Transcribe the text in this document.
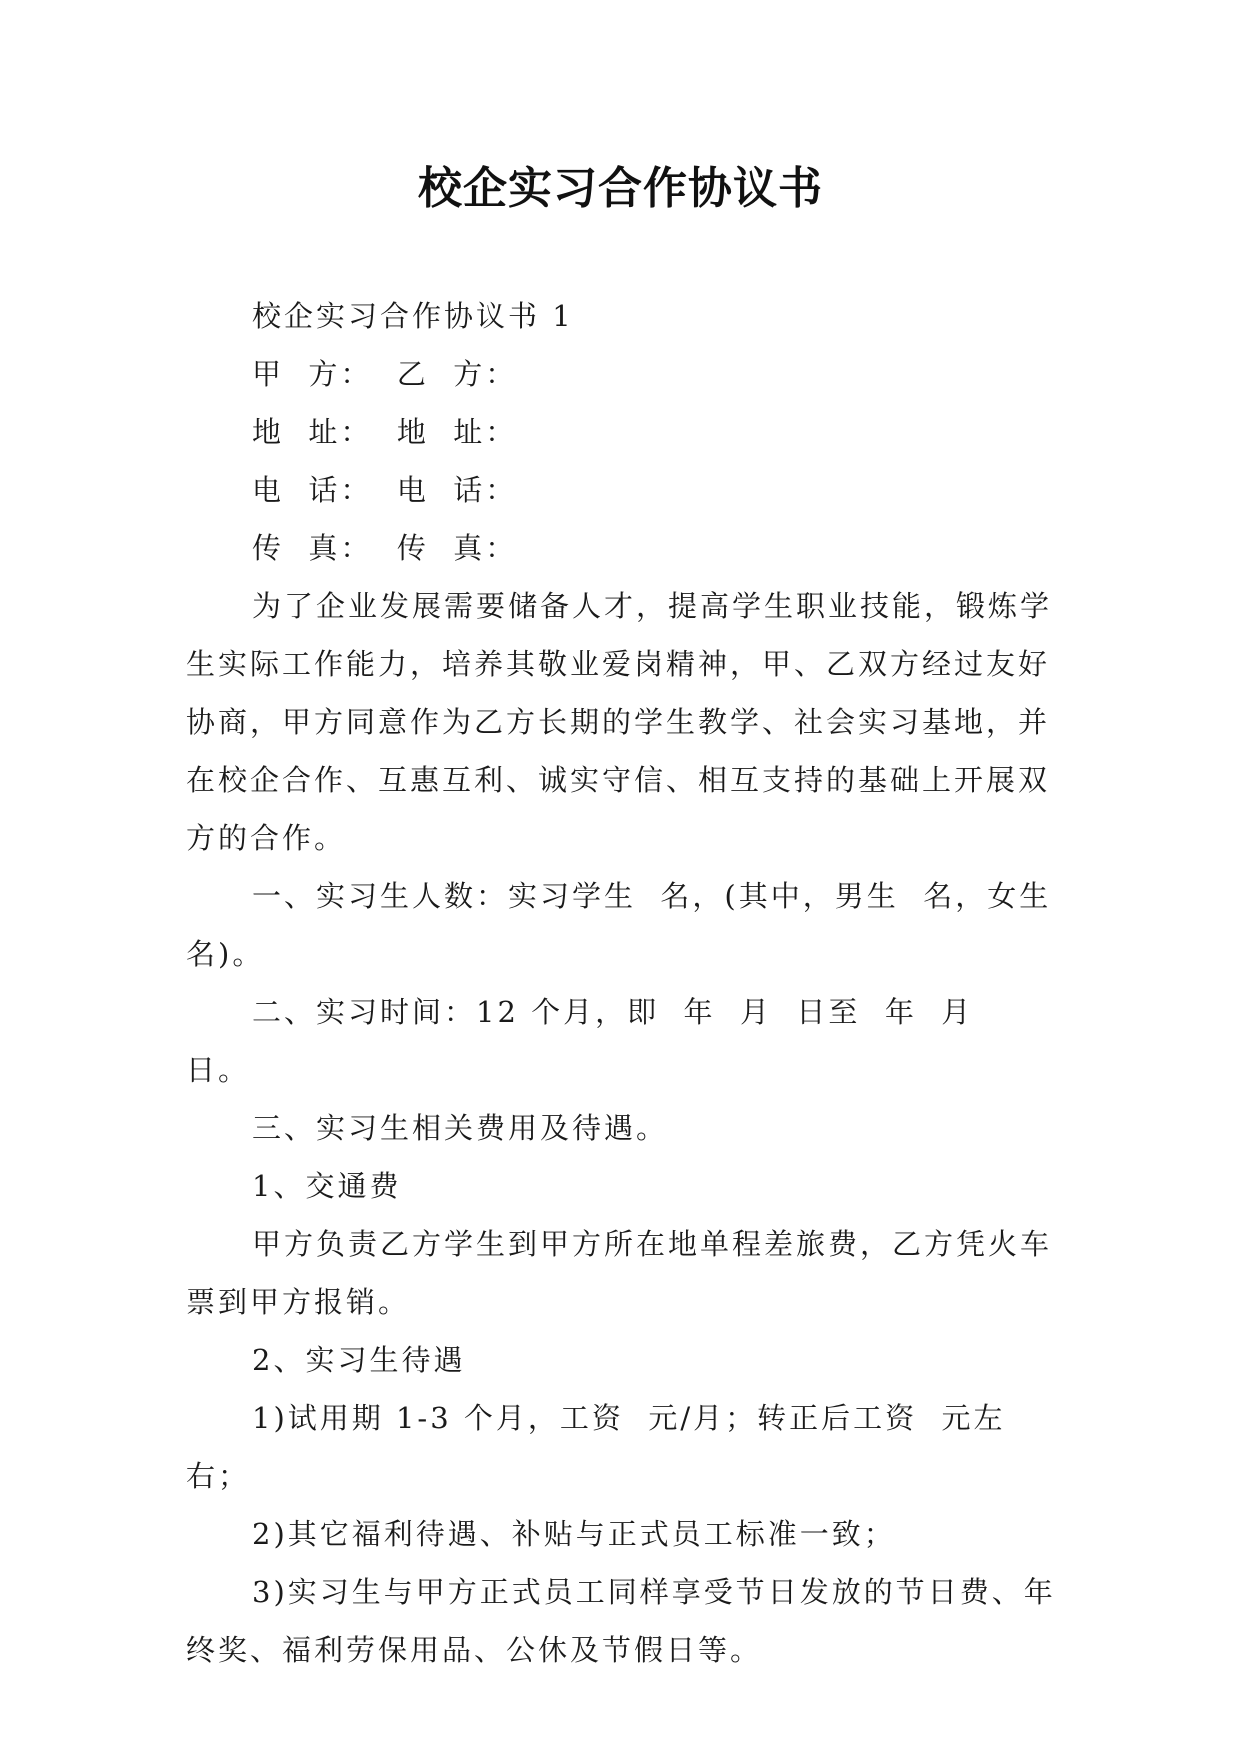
校企实习合作协议书

校企实习合作协议书 1

甲  方：  乙  方：

地  址：  地  址：

电  话：  电  话：

传  真：  传  真：

为了企业发展需要储备人才，提高学生职业技能，锻炼学生实际工作能力，培养其敬业爱岗精神，甲、乙双方经过友好协商，甲方同意作为乙方长期的学生教学、社会实习基地，并在校企合作、互惠互利、诚实守信、相互支持的基础上开展双方的合作。

一、实习生人数：实习学生  名，(其中，男生  名，女生  名)。

二、实习时间：12 个月，即  年  月  日至  年  月  日。

三、实习生相关费用及待遇。

1、交通费

甲方负责乙方学生到甲方所在地单程差旅费，乙方凭火车票到甲方报销。

2、实习生待遇

1)试用期 1-3 个月，工资  元/月；转正后工资  元左右；

2)其它福利待遇、补贴与正式员工标准一致；

3)实习生与甲方正式员工同样享受节日发放的节日费、年终奖、福利劳保用品、公休及节假日等。
